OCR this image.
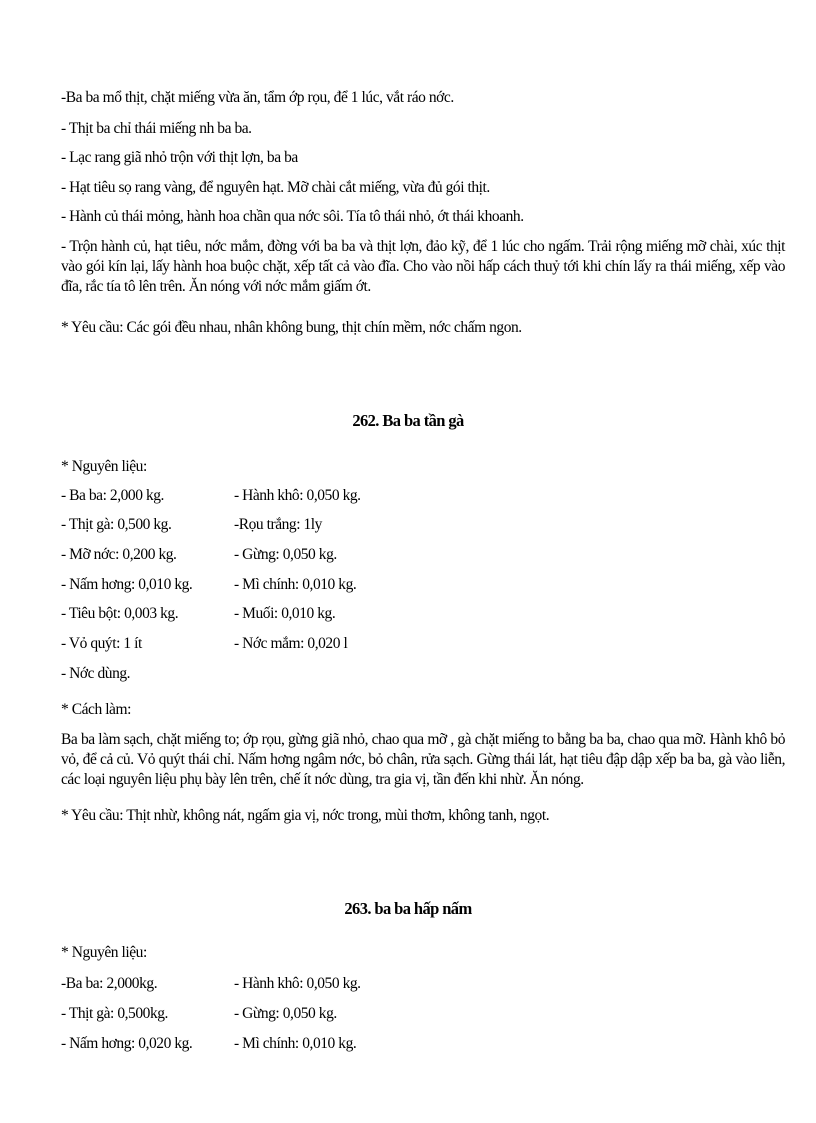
-Ba ba mổ thịt, chặt miếng vừa ăn, tẩm ớp rọu, để 1 lúc, vắt ráo nớc.
- Thịt ba chỉ thái miếng nh ba ba.
- Lạc rang giã nhỏ trộn với thịt lợn, ba ba
- Hạt tiêu sọ rang vàng, để nguyên hạt. Mỡ chài cắt miếng, vừa đủ gói thịt.
- Hành củ thái mỏng, hành hoa chần qua nớc sôi. Tía tô thái nhỏ, ớt thái khoanh.
- Trộn hành củ, hạt tiêu, nớc mắm, đờng với ba ba và thịt lợn, đảo kỹ, để 1 lúc cho ngấm. Trải rộng miếng mỡ chài, xúc thịt vào gói kín lại, lấy hành hoa buộc chặt, xếp tất cả vào đĩa. Cho vào nồi hấp cách thuỷ tới khi chín lấy ra thái miếng, xếp vào đĩa, rắc tía tô lên trên. Ăn nóng với nớc mắm giấm ớt.
* Yêu cầu: Các gói đều nhau, nhân không bung, thịt chín mềm, nớc chấm ngon.
262. Ba ba tần gà
* Nguyên liệu:
- Ba ba: 2,000 kg.	- Hành khô: 0,050 kg.
- Thịt gà: 0,500 kg.	-Rọu trắng: 1ly
- Mỡ nớc: 0,200 kg.	- Gừng: 0,050 kg.
- Nấm hơng: 0,010 kg.	- Mì chính: 0,010 kg.
- Tiêu bột: 0,003 kg.	- Muối: 0,010 kg.
- Vỏ quýt: 1 ít	- Nớc mắm: 0,020 l
- Nớc dùng.
* Cách làm:
Ba ba làm sạch, chặt miếng to; ớp rọu, gừng giã nhỏ, chao qua mỡ , gà chặt miếng to bằng ba ba, chao qua mỡ. Hành khô bỏ vỏ, để cả củ. Vỏ quýt thái chỉ. Nấm hơng ngâm nớc, bỏ chân, rửa sạch. Gừng thái lát, hạt tiêu đập dập xếp ba ba, gà vào liễn, các loại nguyên liệu phụ bày lên trên, chế ít nớc dùng, tra gia vị, tần đến khi nhừ. Ăn nóng.
* Yêu cầu: Thịt nhừ, không nát, ngấm gia vị, nớc trong, mùi thơm, không tanh, ngọt.
263. ba ba hấp nấm
* Nguyên liệu:
-Ba ba: 2,000kg.	- Hành khô: 0,050 kg.
- Thịt gà: 0,500kg.	- Gừng: 0,050 kg.
- Nấm hơng: 0,020 kg.	- Mì chính: 0,010 kg.
